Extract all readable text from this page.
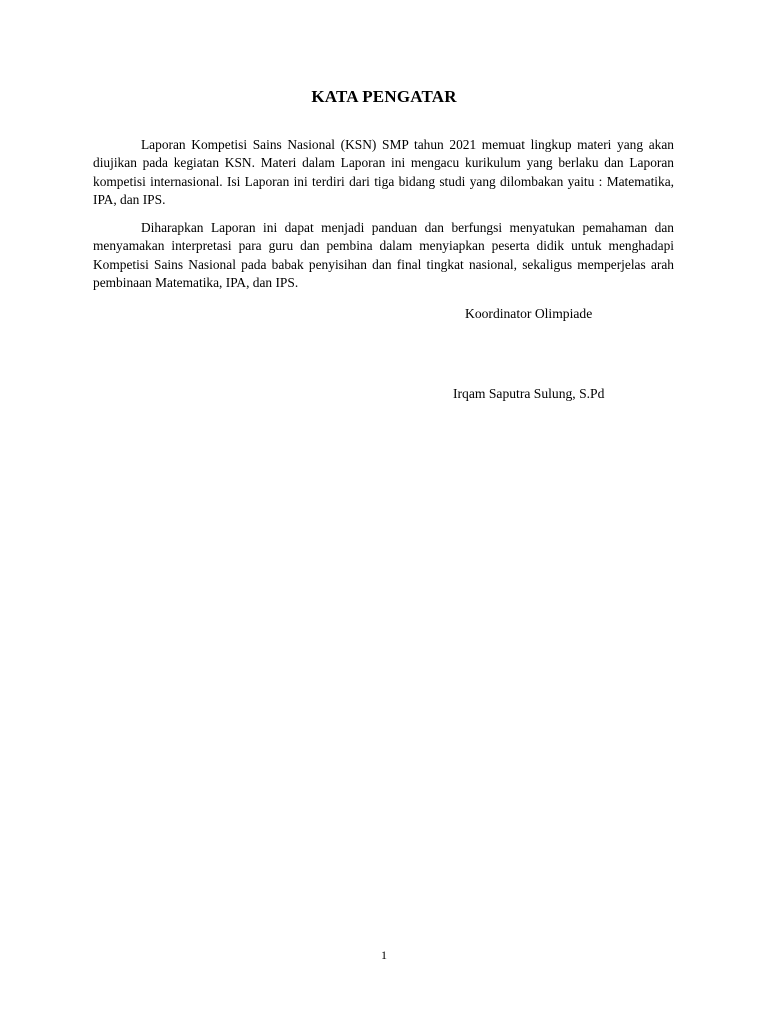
KATA PENGATAR

Laporan Kompetisi Sains Nasional (KSN) SMP tahun 2021 memuat lingkup materi yang akan diujikan pada kegiatan KSN. Materi dalam Laporan ini mengacu kurikulum yang berlaku dan Laporan kompetisi internasional. Isi Laporan ini terdiri dari tiga bidang studi yang dilombakan yaitu : Matematika, IPA, dan IPS.

Diharapkan Laporan ini dapat menjadi panduan dan berfungsi menyatukan pemahaman dan menyamakan interpretasi para guru dan pembina dalam menyiapkan peserta didik untuk menghadapi Kompetisi Sains Nasional pada babak penyisihan dan final tingkat nasional, sekaligus memperjelas arah pembinaan Matematika, IPA, dan IPS.

Koordinator Olimpiade

Irqam Saputra Sulung, S.Pd

1
